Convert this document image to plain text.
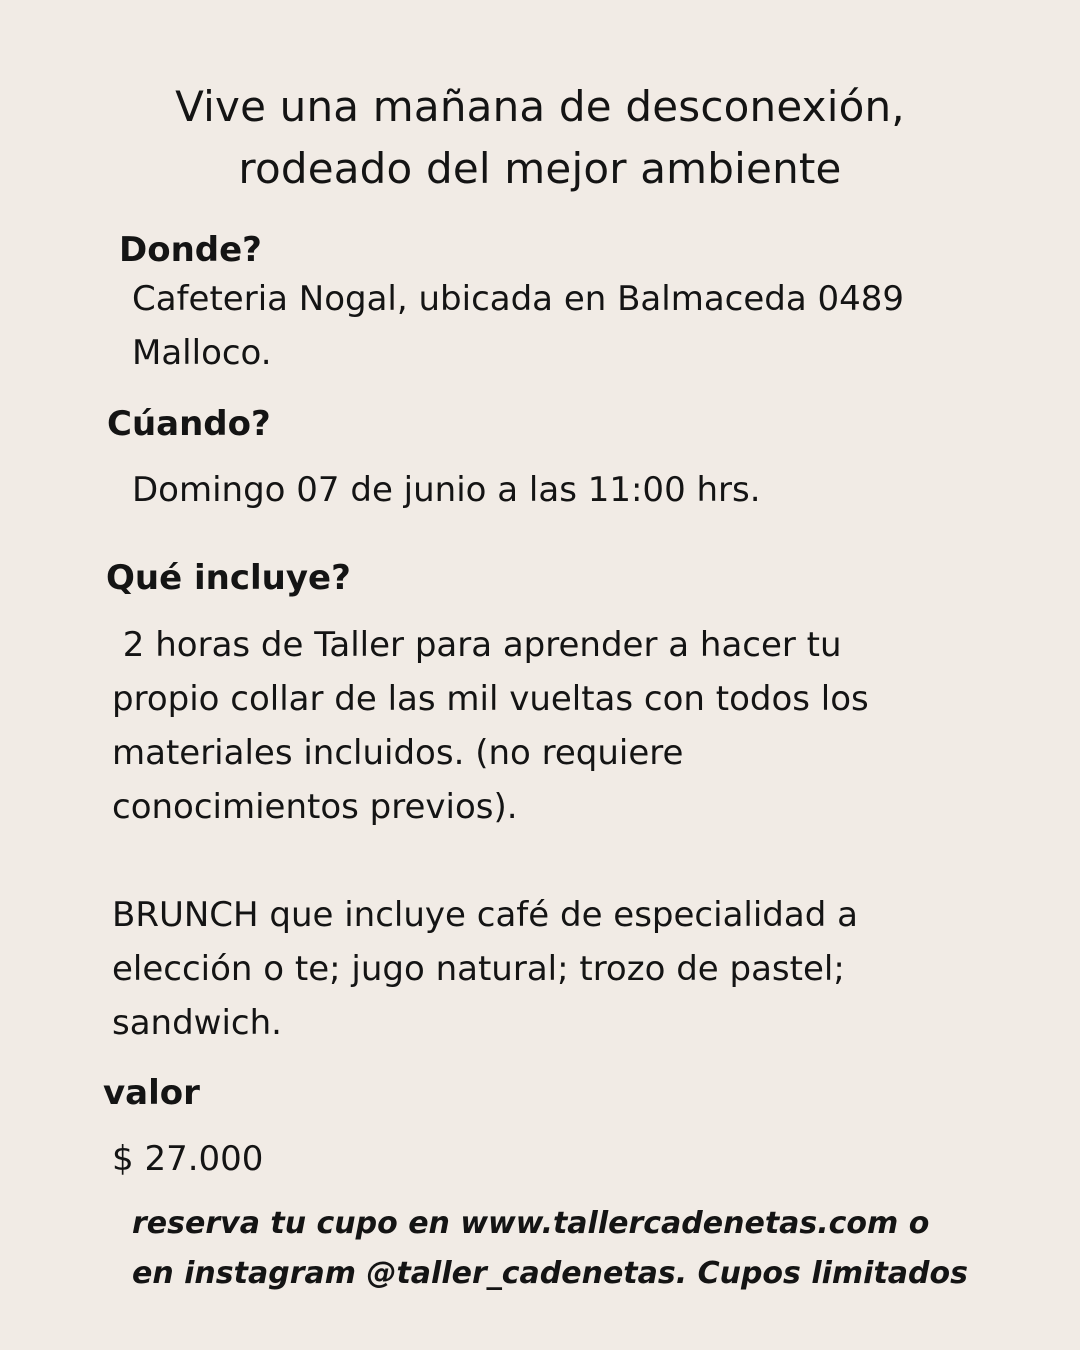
Vive una mañana de desconexión,
rodeado del mejor ambiente
Donde?
Cafeteria Nogal, ubicada en Balmaceda 0489
Malloco.
Cúando?
Domingo 07 de junio a las 11:00 hrs.
Qué incluye?
2 horas de Taller para aprender a hacer tu
propio collar de las mil vueltas con todos los
materiales incluidos. (no requiere
conocimientos previos).
BRUNCH que incluye café de especialidad a
elección o te; jugo natural; trozo de pastel;
sandwich.
valor
$ 27.000
reserva tu cupo en www.tallercadenetas.com o
en instagram @taller_cadenetas. Cupos limitados
